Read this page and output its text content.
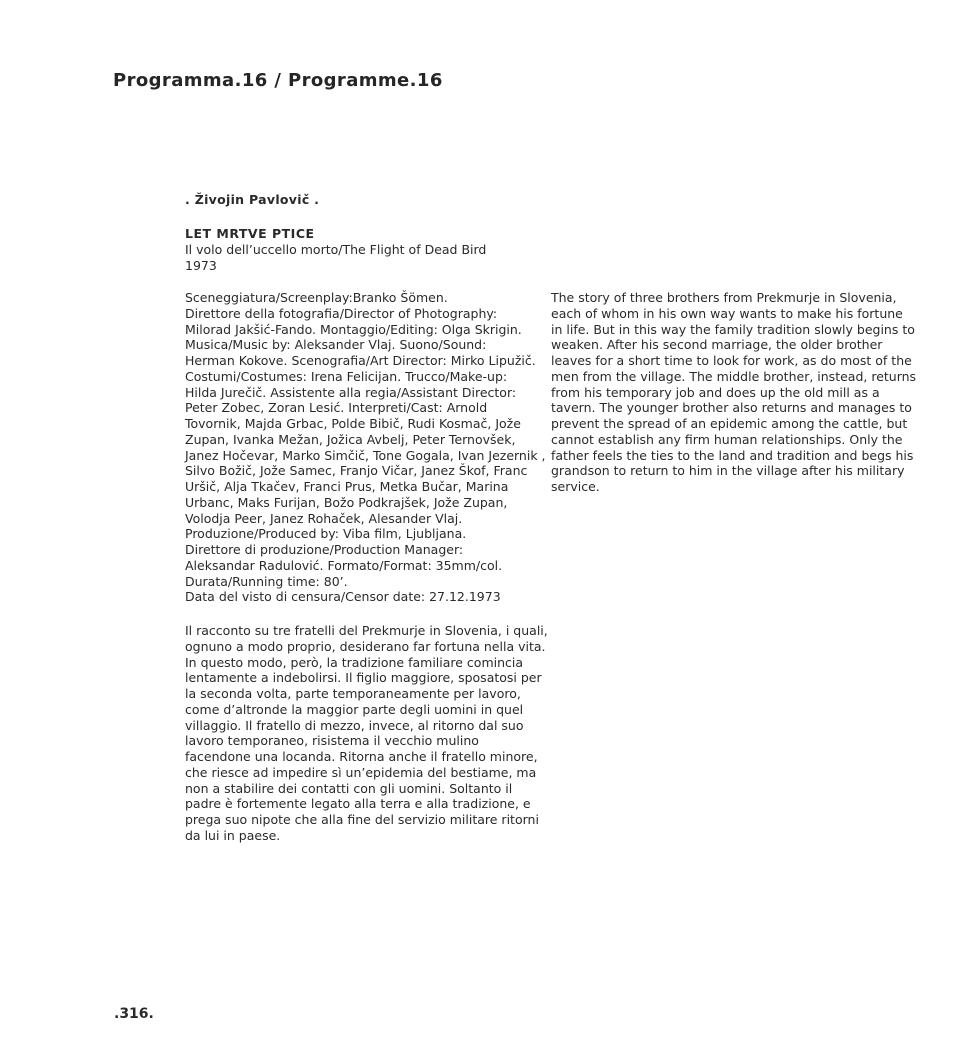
Programma.16 / Programme.16
. Živojin Pavlovič .
LET MRTVE PTICE
Il volo dell’uccello morto/The Flight of Dead Bird
1973
Sceneggiatura/Screenplay:Branko Šömen.
Direttore della fotografia/Director of Photography:
Milorad Jakšić-Fando. Montaggio/Editing: Olga Skrigin.
Musica/Music by: Aleksander Vlaj. Suono/Sound:
Herman Kokove. Scenografia/Art Director: Mirko Lipužič.
Costumi/Costumes: Irena Felicijan. Trucco/Make-up:
Hilda Jurečič. Assistente alla regia/Assistant Director:
Peter Zobec, Zoran Lesić. Interpreti/Cast: Arnold
Tovornik, Majda Grbac, Polde Bibič, Rudi Kosmač, Jože
Zupan, Ivanka Mežan, Jožica Avbelj, Peter Ternovšek,
Janez Hočevar, Marko Simčič, Tone Gogala, Ivan Jezernik ,
Silvo Božič, Jože Samec, Franjo Vičar, Janez Škof, Franc
Uršič, Alja Tkačev, Franci Prus, Metka Bučar, Marina
Urbanc, Maks Furijan, Božo Podkrajšek, Jože Zupan,
Volodja Peer, Janez Rohaček, Alesander Vlaj.
Produzione/Produced by: Viba film, Ljubljana.
Direttore di produzione/Production Manager:
Aleksandar Radulović. Formato/Format: 35mm/col.
Durata/Running time: 80’.
Data del visto di censura/Censor date: 27.12.1973
Il racconto su tre fratelli del Prekmurje in Slovenia, i quali,
ognuno a modo proprio, desiderano far fortuna nella vita.
In questo modo, però, la tradizione familiare comincia
lentamente a indebolirsi. Il figlio maggiore, sposatosi per
la seconda volta, parte temporaneamente per lavoro,
come d’altronde la maggior parte degli uomini in quel
villaggio. Il fratello di mezzo, invece, al ritorno dal suo
lavoro temporaneo, risistema il vecchio mulino
facendone una locanda. Ritorna anche il fratello minore,
che riesce ad impedire sì un’epidemia del bestiame, ma
non a stabilire dei contatti con gli uomini. Soltanto il
padre è fortemente legato alla terra e alla tradizione, e
prega suo nipote che alla fine del servizio militare ritorni
da lui in paese.
The story of three brothers from Prekmurje in Slovenia,
each of whom in his own way wants to make his fortune
in life. But in this way the family tradition slowly begins to
weaken. After his second marriage, the older brother
leaves for a short time to look for work, as do most of the
men from the village. The middle brother, instead, returns
from his temporary job and does up the old mill as a
tavern. The younger brother also returns and manages to
prevent the spread of an epidemic among the cattle, but
cannot establish any firm human relationships. Only the
father feels the ties to the land and tradition and begs his
grandson to return to him in the village after his military
service.
.316.
